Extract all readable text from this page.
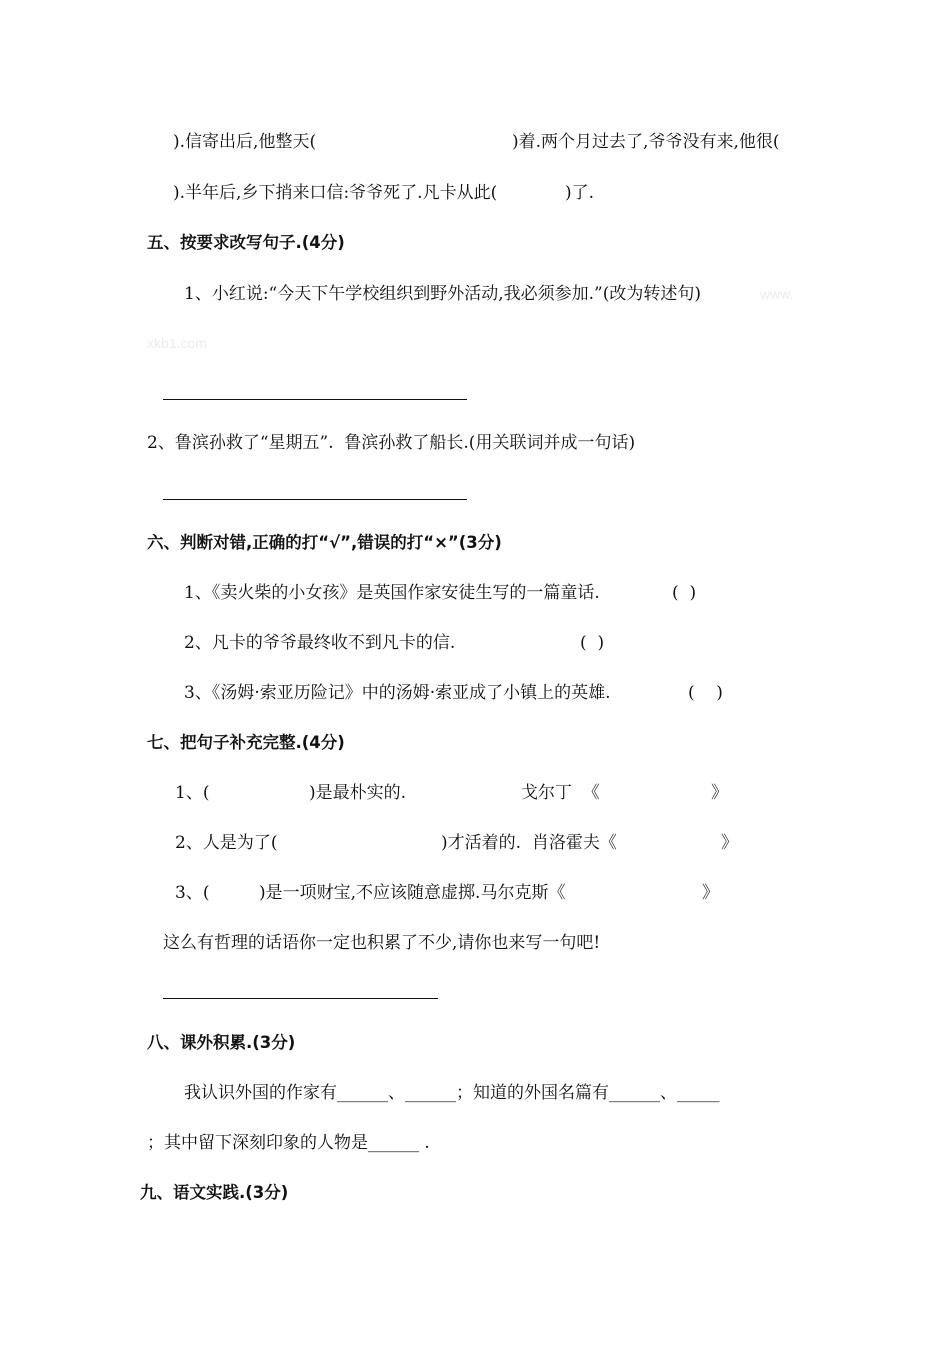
).信寄出后,他整天(	)着.两个月过去了,爷爷没有来,他很(
).半年后,乡下捎来口信:爷爷死了.凡卡从此(	)了.
五、按要求改写句子.(4分)
1、小红说:“今天下午学校组织到野外活动,我必须参加.”(改为转述句)	www.
xkb1.com
2、鲁滨孙救了“星期五”.  鲁滨孙救了船长.(用关联词并成一句话)
六、判断对错,正确的打“√”,错误的打“×”(3分)
1、《卖火柴的小女孩》是英国作家安徒生写的一篇童话.	(  )
2、凡卡的爷爷最终收不到凡卡的信.	(  )
3、《汤姆·索亚历险记》中的汤姆·索亚成了小镇上的英雄.	(    )
七、把句子补充完整.(4分)
1、(	)是最朴实的.	戈尔丁  《	》
2、人是为了(	)才活着的.  肖洛霍夫《	》
3、(	)是一项财宝,不应该随意虚掷.马尔克斯《	》
这么有哲理的话语你一定也积累了不少,请你也来写一句吧!
八、课外积累.(3分)
我认识外国的作家有______、______；知道的外国名篇有______、_____
；其中留下深刻印象的人物是______ .
九、语文实践.(3分)
